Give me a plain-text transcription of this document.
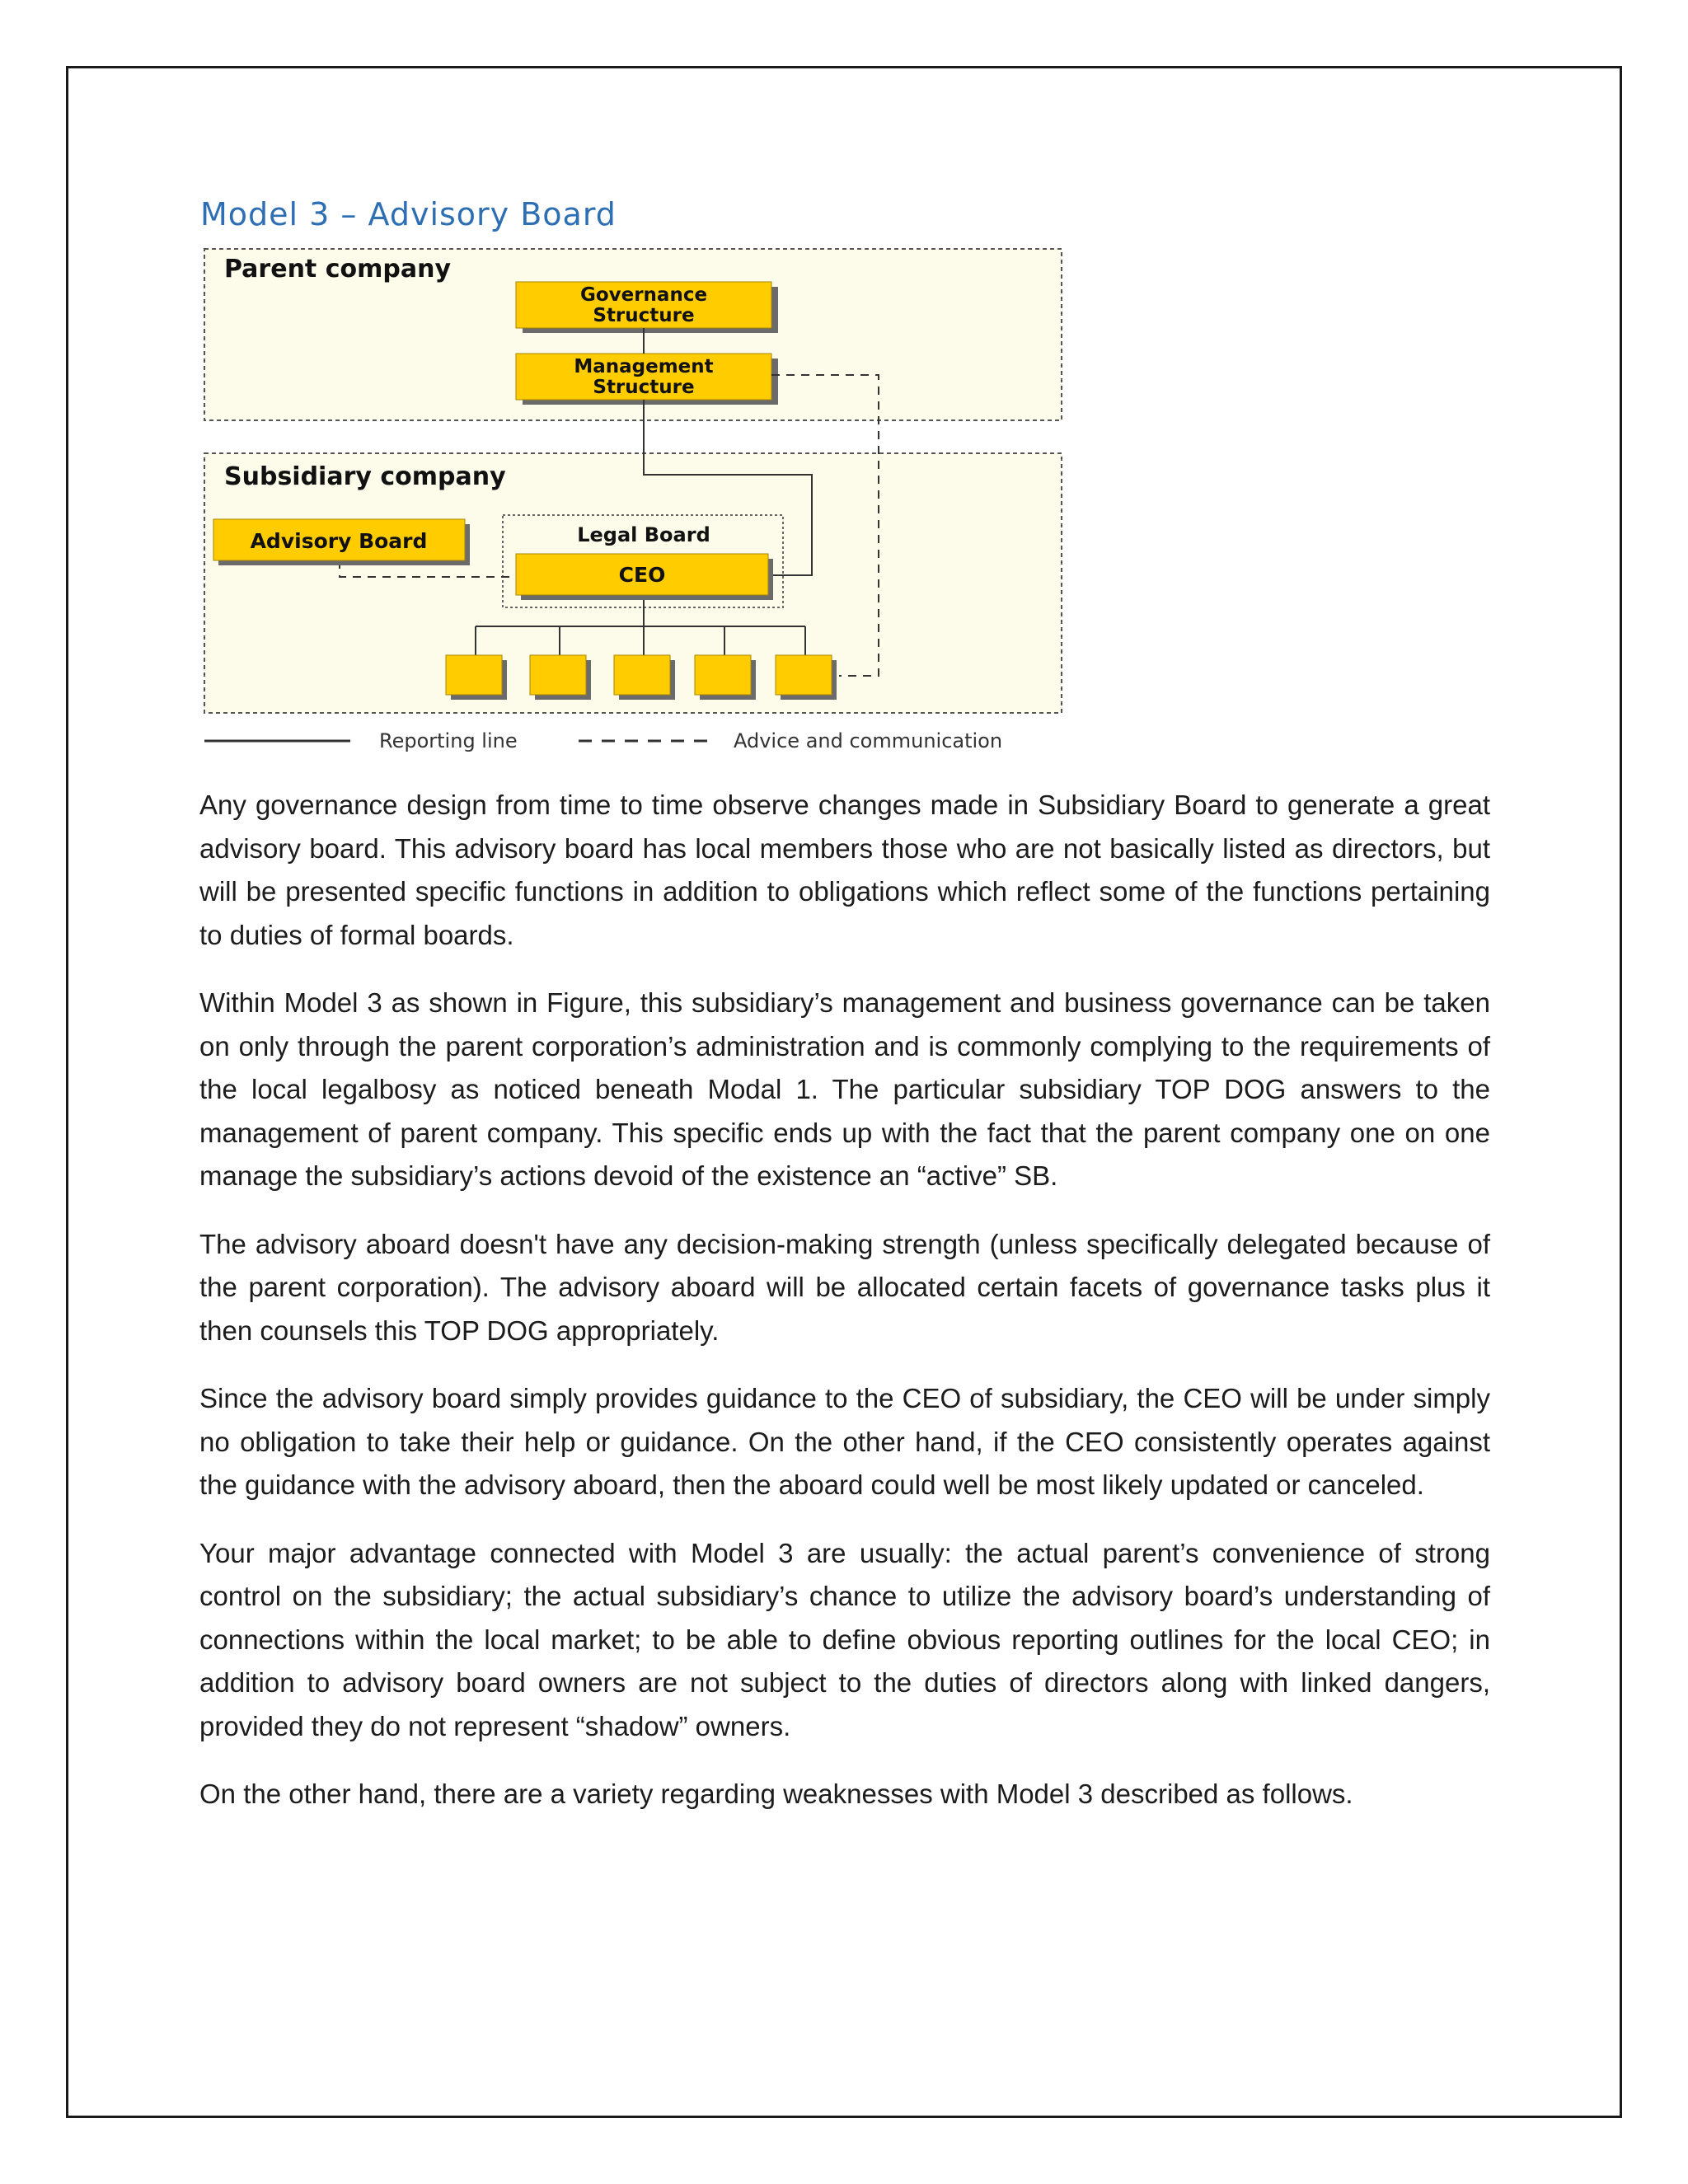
Model 3 – Advisory Board
Parent company
Governance
Structure
Management
Structure
Subsidiary company
Legal Board
Advisory Board
CEO
Reporting line	Advice and communication

Any governance design from time to time observe changes made in Subsidiary Board to generate a great advisory board. This advisory board has local members those who are not basically listed as directors, but will be presented specific functions in addition to obligations which reflect some of the functions pertaining to duties of formal boards.

Within Model 3 as shown in Figure, this subsidiary’s management and business governance can be taken on only through the parent corporation’s administration and is commonly complying to the requirements of the local legalbosy as noticed beneath Modal 1. The particular subsidiary TOP DOG answers to the management of parent company. This specific ends up with the fact that the parent company one on one manage the subsidiary’s actions devoid of the existence an “active” SB.

The advisory aboard doesn't have any decision-making strength (unless specifically delegated because of the parent corporation). The advisory aboard will be allocated certain facets of governance tasks plus it then counsels this TOP DOG appropriately.

Since the advisory board simply provides guidance to the CEO of subsidiary, the CEO will be under simply no obligation to take their help or guidance. On the other hand, if the CEO consistently operates against the guidance with the advisory aboard, then the aboard could well be most likely updated or canceled.

Your major advantage connected with Model 3 are usually: the actual parent’s convenience of strong control on the subsidiary; the actual subsidiary’s chance to utilize the advisory board’s understanding of connections within the local market; to be able to define obvious reporting outlines for the local CEO; in addition to advisory board owners are not subject to the duties of directors along with linked dangers, provided they do not represent “shadow” owners.

On the other hand, there are a variety regarding weaknesses with Model 3 described as follows.
